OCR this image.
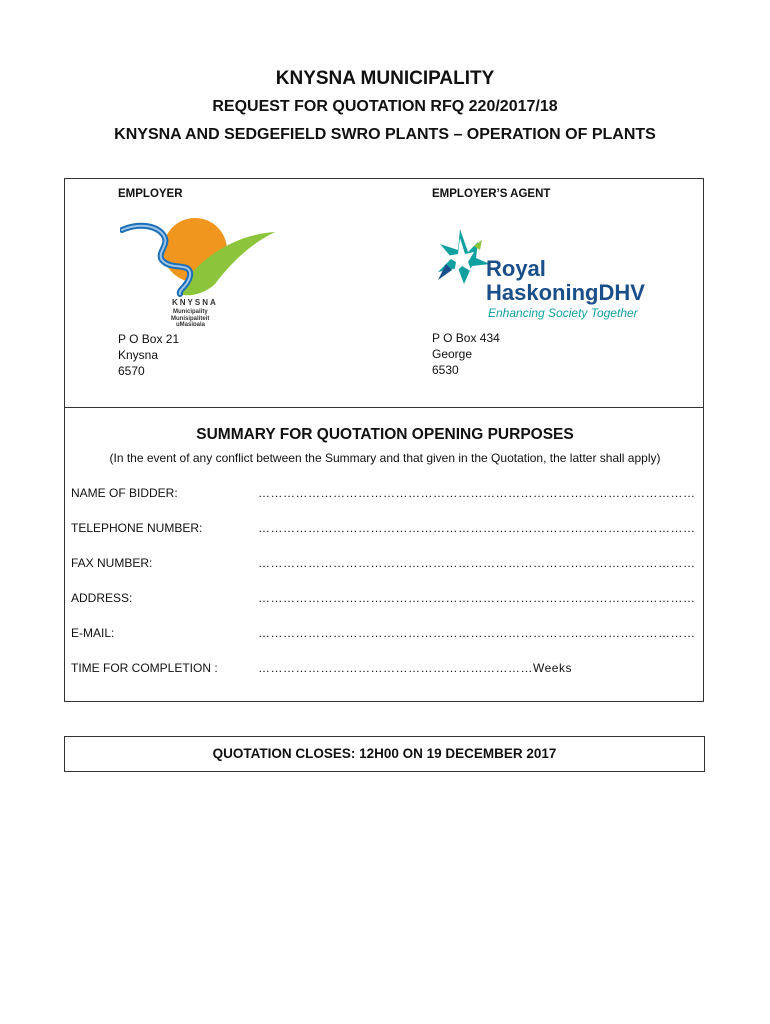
KNYSNA MUNICIPALITY
REQUEST FOR QUOTATION RFQ 220/2017/18
KNYSNA AND SEDGEFIELD SWRO PLANTS – OPERATION OF PLANTS
EMPLOYER	EMPLOYER’S AGENT
KNYSNA
Municipality
Munisipaliteit
uMasipala
Royal
HaskoningDHV
Enhancing Society Together
P O Box 21
Knysna
6570
P O Box 434
George
6530
SUMMARY FOR QUOTATION OPENING PURPOSES
(In the event of any conflict between the Summary and that given in the Quotation, the latter shall apply)
NAME OF BIDDER:	……………………………………………………………………………………………
TELEPHONE NUMBER:	……………………………………………………………………………………………
FAX NUMBER:	……………………………………………………………………………………………
ADDRESS:	……………………………………………………………………………………………
E-MAIL:	……………………………………………………………………………………………
TIME FOR COMPLETION :	…………………………………………………………Weeks
QUOTATION CLOSES: 12H00 ON 19 DECEMBER 2017
